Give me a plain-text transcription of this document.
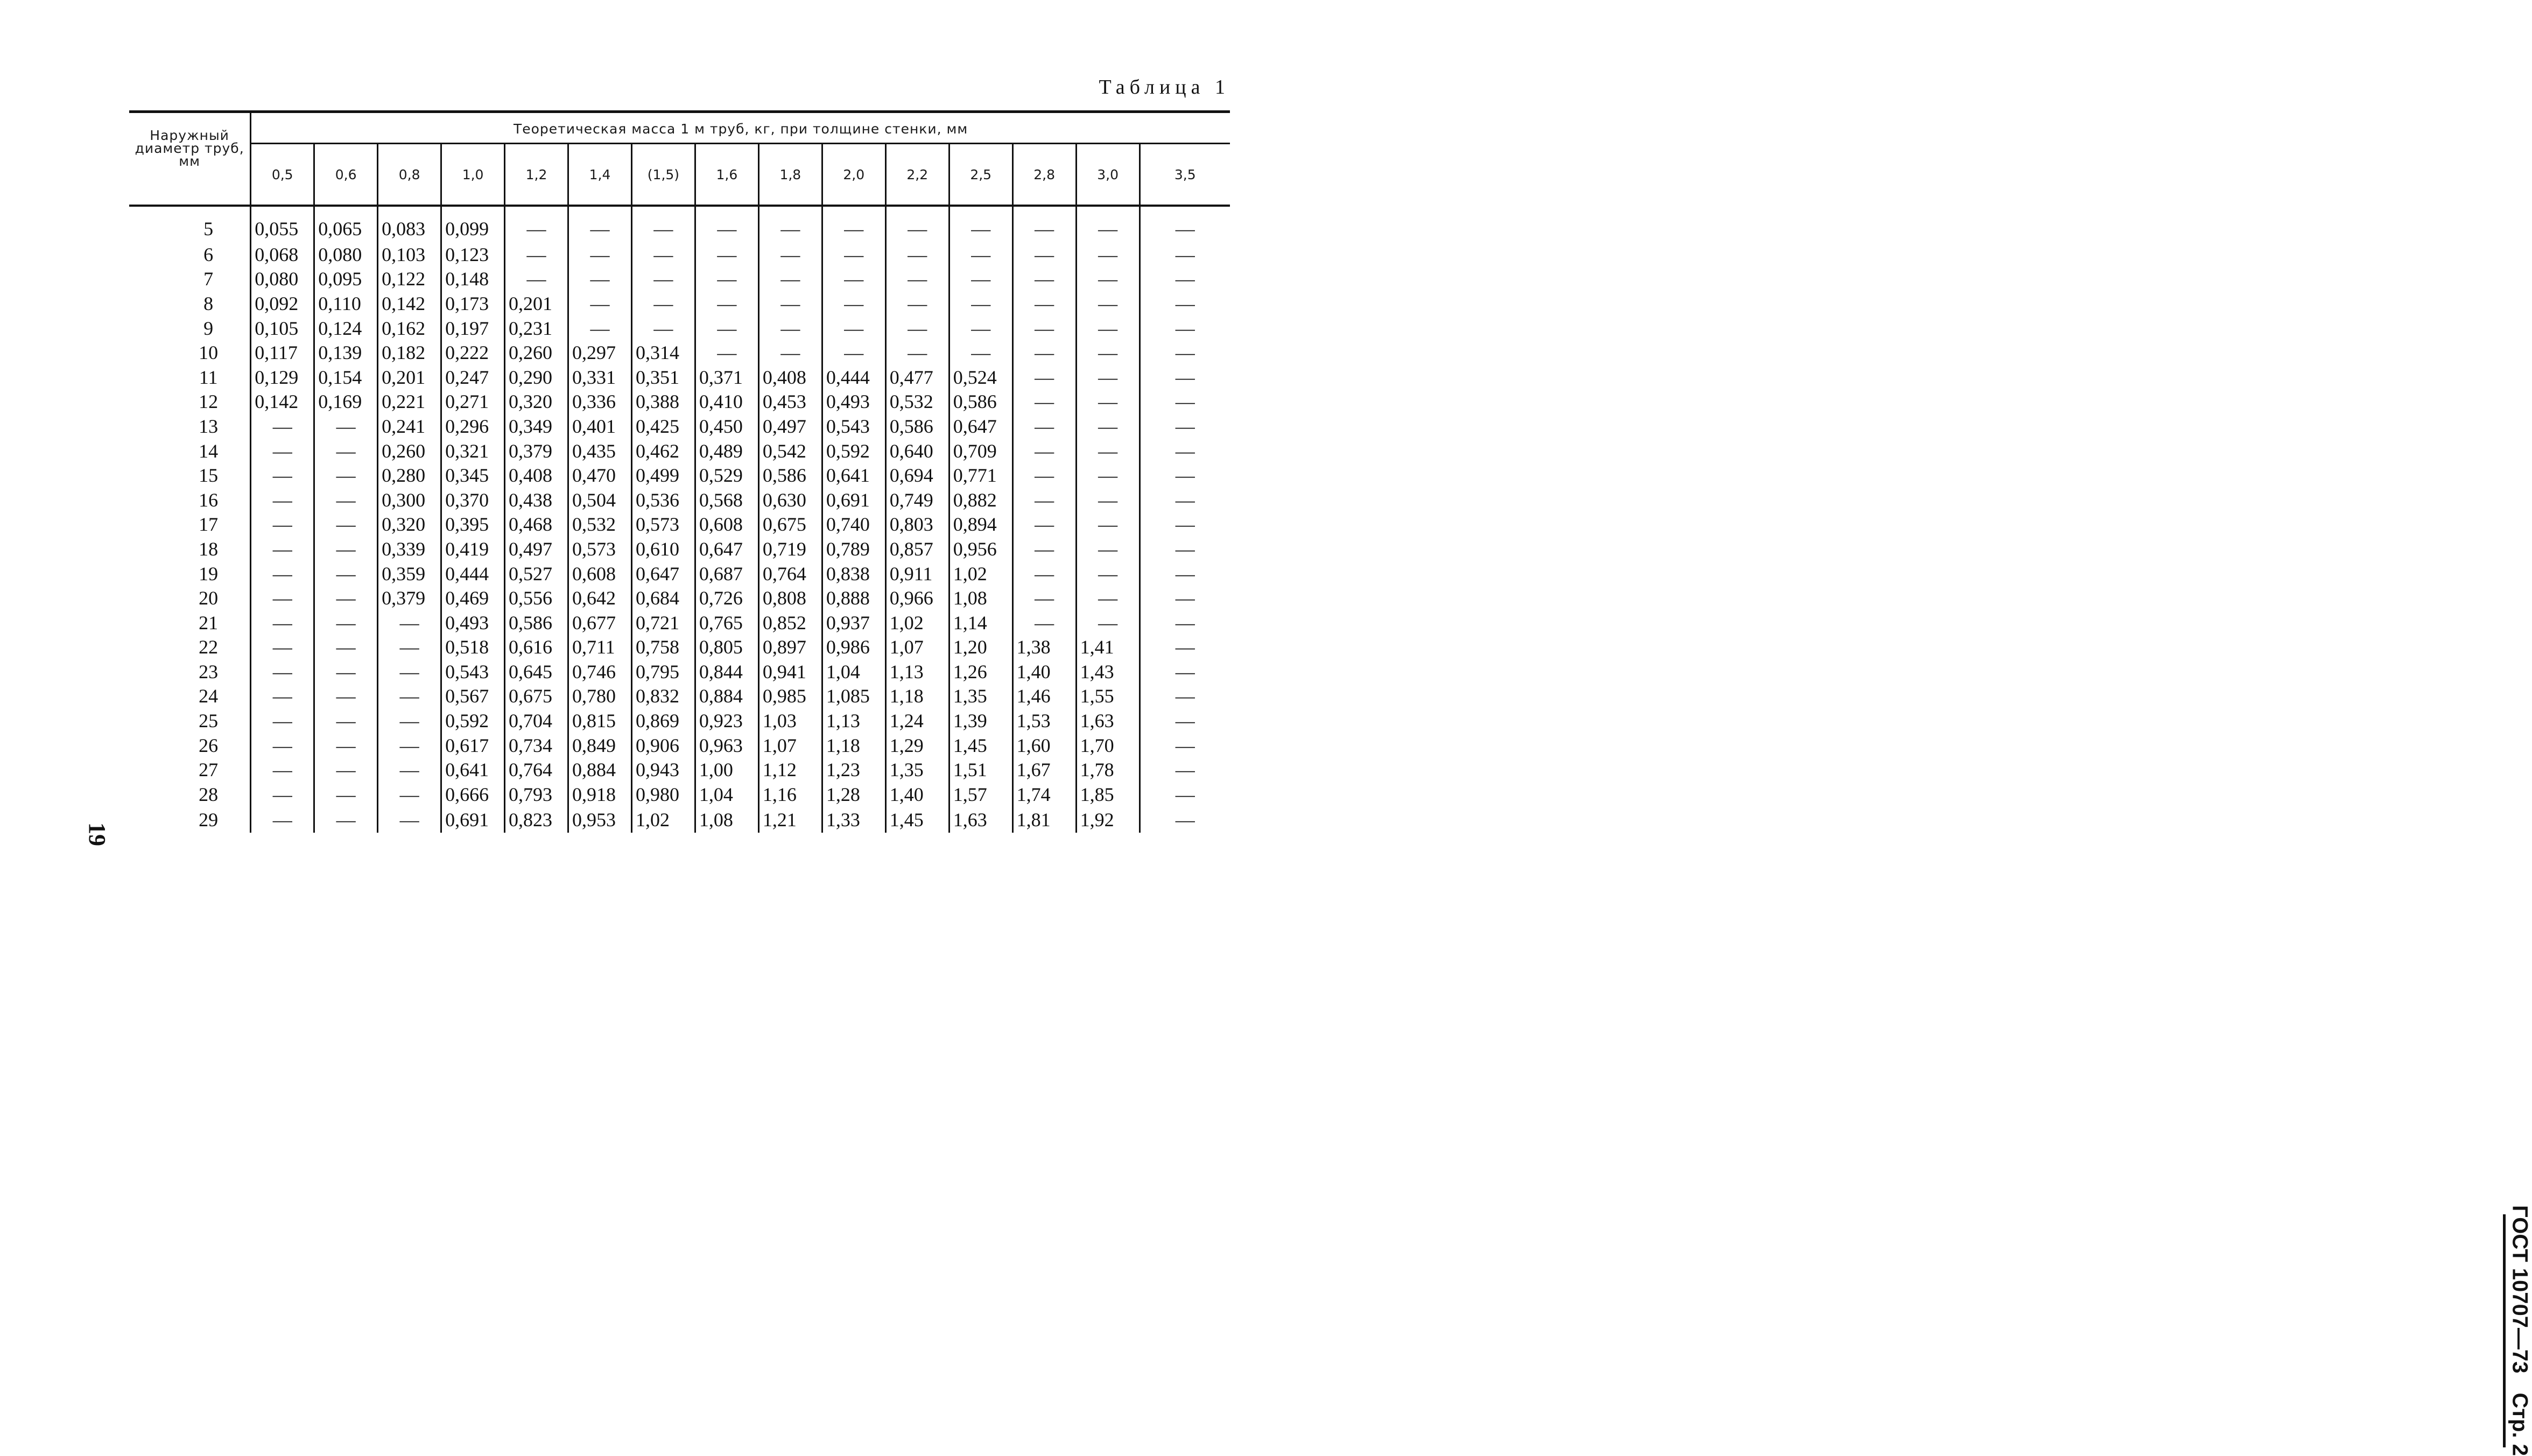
Таблица 1
Наружный диаметр труб, мм	Теоретическая масса 1 м труб, кг, при толщине стенки, мм														
	0,5	0,6	0,8	1,0	1,2	1,4	(1,5)	1,6	1,8	2,0	2,2	2,5	2,8	3,0	3,5
5	0,055	0,065	0,083	0,099	—	—	—	—	—	—	—	—	—	—	—
6	0,068	0,080	0,103	0,123	—	—	—	—	—	—	—	—	—	—	—
7	0,080	0,095	0,122	0,148	—	—	—	—	—	—	—	—	—	—	—
8	0,092	0,110	0,142	0,173	0,201	—	—	—	—	—	—	—	—	—	—
9	0,105	0,124	0,162	0,197	0,231	—	—	—	—	—	—	—	—	—	—
10	0,117	0,139	0,182	0,222	0,260	0,297	0,314	—	—	—	—	—	—	—	—
11	0,129	0,154	0,201	0,247	0,290	0,331	0,351	0,371	0,408	0,444	0,477	0,524	—	—	—
12	0,142	0,169	0,221	0,271	0,320	0,336	0,388	0,410	0,453	0,493	0,532	0,586	—	—	—
13	—	—	0,241	0,296	0,349	0,401	0,425	0,450	0,497	0,543	0,586	0,647	—	—	—
14	—	—	0,260	0,321	0,379	0,435	0,462	0,489	0,542	0,592	0,640	0,709	—	—	—
15	—	—	0,280	0,345	0,408	0,470	0,499	0,529	0,586	0,641	0,694	0,771	—	—	—
16	—	—	0,300	0,370	0,438	0,504	0,536	0,568	0,630	0,691	0,749	0,882	—	—	—
17	—	—	0,320	0,395	0,468	0,532	0,573	0,608	0,675	0,740	0,803	0,894	—	—	—
18	—	—	0,339	0,419	0,497	0,573	0,610	0,647	0,719	0,789	0,857	0,956	—	—	—
19	—	—	0,359	0,444	0,527	0,608	0,647	0,687	0,764	0,838	0,911	1,02	—	—	—
20	—	—	0,379	0,469	0,556	0,642	0,684	0,726	0,808	0,888	0,966	1,08	—	—	—
21	—	—	—	0,493	0,586	0,677	0,721	0,765	0,852	0,937	1,02	1,14	—	—	—
22	—	—	—	0,518	0,616	0,711	0,758	0,805	0,897	0,986	1,07	1,20	1,38	1,41	—
23	—	—	—	0,543	0,645	0,746	0,795	0,844	0,941	1,04	1,13	1,26	1,40	1,43	—
24	—	—	—	0,567	0,675	0,780	0,832	0,884	0,985	1,085	1,18	1,35	1,46	1,55	—
25	—	—	—	0,592	0,704	0,815	0,869	0,923	1,03	1,13	1,24	1,39	1,53	1,63	—
26	—	—	—	0,617	0,734	0,849	0,906	0,963	1,07	1,18	1,29	1,45	1,60	1,70	—
27	—	—	—	0,641	0,764	0,884	0,943	1,00	1,12	1,23	1,35	1,51	1,67	1,78	—
28	—	—	—	0,666	0,793	0,918	0,980	1,04	1,16	1,28	1,40	1,57	1,74	1,85	—
29	—	—	—	0,691	0,823	0,953	1,02	1,08	1,21	1,33	1,45	1,63	1,81	1,92	—
19
ГОСТ 10707—73Стр. 2
